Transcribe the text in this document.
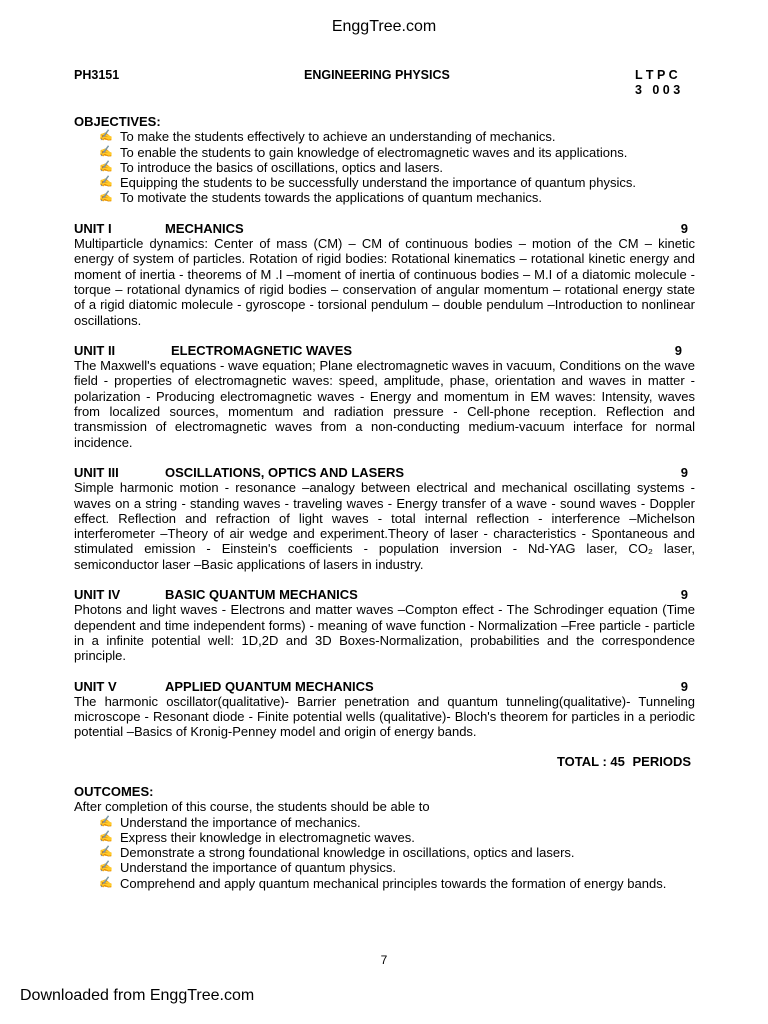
EnggTree.com
PH3151	ENGINEERING PHYSICS	L T P C
3   0 0 3
OBJECTIVES:
✍ To make the students effectively to achieve an understanding of mechanics.
✍ To enable the students to gain knowledge of electromagnetic waves and its applications.
✍ To introduce the basics of oscillations, optics and lasers.
✍ Equipping the students to be successfully understand the importance of quantum physics.
✍ To motivate the students towards the applications of quantum mechanics.
UNIT I	MECHANICS	9

Multiparticle dynamics: Center of mass (CM) – CM of continuous bodies – motion of the CM – kinetic energy of system of particles. Rotation of rigid bodies: Rotational kinematics – rotational kinetic energy and moment of inertia - theorems of M .I –moment of inertia of continuous bodies – M.I of a diatomic molecule - torque – rotational dynamics of rigid bodies – conservation of angular momentum – rotational energy state of a rigid diatomic molecule - gyroscope - torsional pendulum – double pendulum –Introduction to nonlinear oscillations.

UNIT II	ELECTROMAGNETIC WAVES	9

The Maxwell's equations - wave equation; Plane electromagnetic waves in vacuum, Conditions on the wave field - properties of electromagnetic waves: speed, amplitude, phase, orientation and waves in matter - polarization - Producing electromagnetic waves - Energy and momentum in EM waves: Intensity, waves from localized sources, momentum and radiation pressure - Cell-phone reception. Reflection and transmission of electromagnetic waves from a non-conducting medium-vacuum interface for normal incidence.

UNIT III	OSCILLATIONS, OPTICS AND LASERS	9

Simple harmonic motion - resonance –analogy between electrical and mechanical oscillating systems - waves on a string - standing waves - traveling waves - Energy transfer of a wave - sound waves - Doppler effect. Reflection and refraction of light waves - total internal reflection - interference –Michelson interferometer –Theory of air wedge and experiment.Theory of laser - characteristics - Spontaneous and stimulated emission - Einstein's coefficients - population inversion - Nd-YAG laser, CO₂ laser, semiconductor laser –Basic applications of lasers in industry.

UNIT IV	BASIC QUANTUM MECHANICS	9

Photons and light waves - Electrons and matter waves –Compton effect - The Schrodinger equation (Time dependent and time independent forms) - meaning of wave function - Normalization –Free particle - particle in a infinite potential well: 1D,2D and 3D Boxes-Normalization, probabilities and the correspondence principle.

UNIT V	APPLIED QUANTUM MECHANICS	9

The harmonic oscillator(qualitative)- Barrier penetration and quantum tunneling(qualitative)- Tunneling microscope - Resonant diode - Finite potential wells (qualitative)- Bloch's theorem for particles in a periodic potential –Basics of Kronig-Penney model and origin of energy bands.

TOTAL : 45 PERIODS
OUTCOMES:
After completion of this course, the students should be able to
✍ Understand the importance of mechanics.
✍ Express their knowledge in electromagnetic waves.
✍ Demonstrate a strong foundational knowledge in oscillations, optics and lasers.
✍ Understand the importance of quantum physics.
✍ Comprehend and apply quantum mechanical principles towards the formation of energy bands.
7
Downloaded from EnggTree.com
